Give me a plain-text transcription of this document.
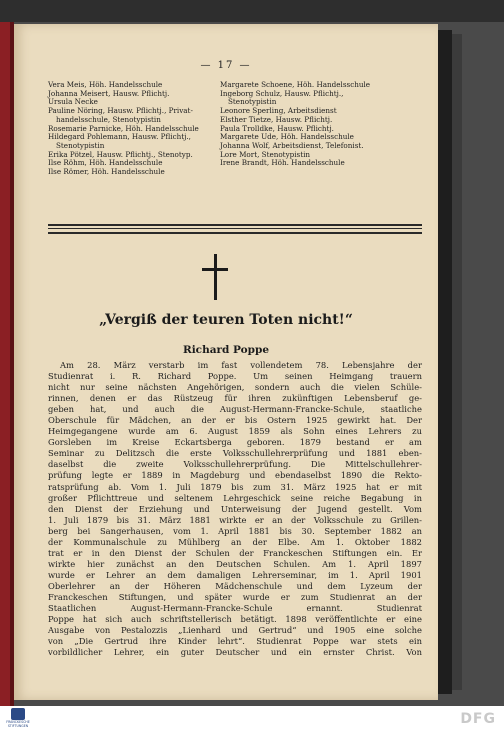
— 17 —
Vera Meis, Höh. Handelsschule
Johanna Meisert, Hausw. Pflichtj.
Ursula Necke
Pauline Nöring, Hausw. Pflichtj., Privat-
handelsschule, Stenotypistin
Rosemarie Parnicke, Höh. Handelsschule
Hildegard Pohlemann, Hausw. Pflichtj.,
Stenotypistin
Erika Pötzel, Hausw. Pflichtj., Stenotyp.
Ilse Röhm, Höh. Handelsschule
Ilse Römer, Höh. Handelsschule
Margarete Schoene, Höh. Handelsschule
Ingeborg Schulz, Hausw. Pflichtj.,
Stenotypistin
Leonore Sperling, Arbeitsdienst
Elsther Tietze, Hausw. Pflichtj.
Paula Trolldke, Hausw. Pflichtj.
Margarete Ude, Höh. Handelsschule
Johanna Wolf, Arbeitsdienst, Telefonist.
Lore Mort, Stenotypistin
Irene Brandt, Höh. Handelsschule
„Vergiß der teuren Toten nicht!“
Richard Poppe
Am 28. März verstarb im fast vollendetem 78. Lebensjahre der
Studienrat i. R. Richard Poppe. Um seinen Heimgang trauern
nicht nur seine nächsten Angehörigen, sondern auch die vielen Schüle-
rinnen, denen er das Rüstzeug für ihren zukünftigen Lebensberuf ge-
geben hat, und auch die August-Hermann-Francke-Schule, staatliche
Oberschule für Mädchen, an der er bis Ostern 1925 gewirkt hat. Der
Heimgegangene wurde am 6. August 1859 als Sohn eines Lehrers zu
Gorsleben im Kreise Eckartsberga geboren. 1879 bestand er am
Seminar zu Delitzsch die erste Volksschullehrerprüfung und 1881 eben-
daselbst die zweite Volksschullehrerprüfung. Die Mittelschullehrer-
prüfung legte er 1889 in Magdeburg und ebendaselbst 1890 die Rekto-
ratsprüfung ab. Vom 1. Juli 1879 bis zum 31. März 1925 hat er mit
großer Pflichttreue und seltenem Lehrgeschick seine reiche Begabung in
den Dienst der Erziehung und Unterweisung der Jugend gestellt. Vom
1. Juli 1879 bis 31. März 1881 wirkte er an der Volksschule zu Grillen-
berg bei Sangerhausen, vom 1. April 1881 bis 30. September 1882 an
der Kommunalschule zu Mühlberg an der Elbe. Am 1. Oktober 1882
trat er in den Dienst der Schulen der Franckeschen Stiftungen ein. Er
wirkte hier zunächst an den Deutschen Schulen. Am 1. April 1897
wurde er Lehrer an dem damaligen Lehrerseminar, im 1. April 1901
Oberlehrer an der Höheren Mädchenschule und dem Lyzeum der
Franckeschen Stiftungen, und später wurde er zum Studienrat an der
Staatlichen August-Hermann-Francke-Schule ernannt. Studienrat
Poppe hat sich auch schriftstellerisch betätigt. 1898 veröffentlichte er eine
Ausgabe von Pestalozzis „Lienhard und Gertrud“ und 1905 eine solche
von „Die Gertrud ihre Kinder lehrt“. Studienrat Poppe war stets ein
vorbildlicher Lehrer, ein guter Deutscher und ein ernster Christ. Von
FRANCKESCHE STIFTUNGEN	DFG
